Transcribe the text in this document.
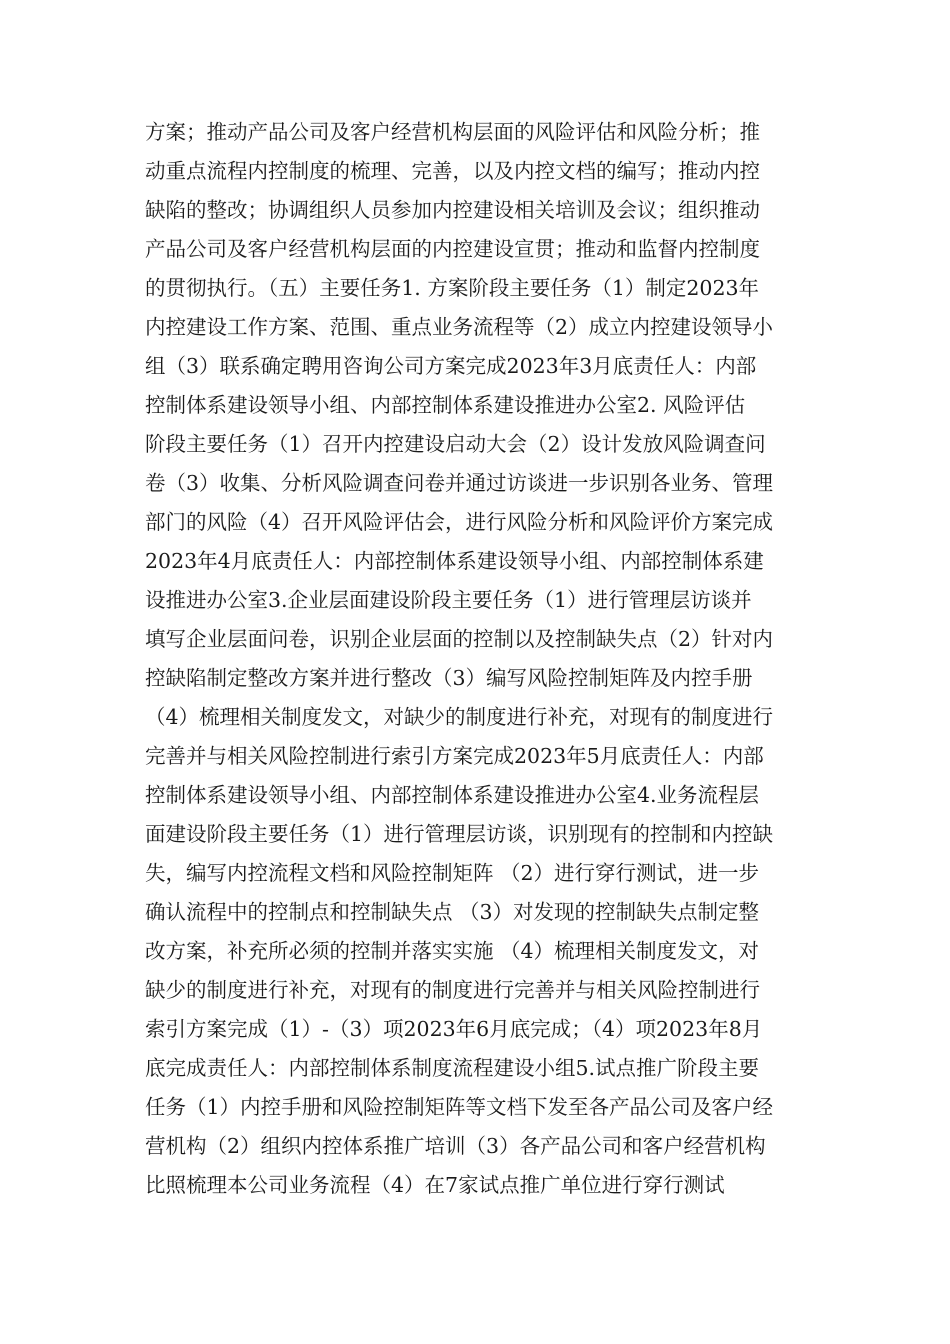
方案；推动产品公司及客户经营机构层面的风险评估和风险分析；推
动重点流程内控制度的梳理、完善，以及内控文档的编写；推动内控
缺陷的整改；协调组织人员参加内控建设相关培训及会议；组织推动
产品公司及客户经营机构层面的内控建设宣贯；推动和监督内控制度
的贯彻执行。（五）主要任务1. 方案阶段主要任务（1）制定2023年
内控建设工作方案、范围、重点业务流程等（2）成立内控建设领导小
组（3）联系确定聘用咨询公司方案完成2023年3月底责任人：内部
控制体系建设领导小组、内部控制体系建设推进办公室2. 风险评估
阶段主要任务（1）召开内控建设启动大会（2）设计发放风险调查问
卷（3）收集、分析风险调查问卷并通过访谈进一步识别各业务、管理
部门的风险（4）召开风险评估会，进行风险分析和风险评价方案完成
2023年4月底责任人：内部控制体系建设领导小组、内部控制体系建
设推进办公室3.企业层面建设阶段主要任务（1）进行管理层访谈并
填写企业层面问卷，识别企业层面的控制以及控制缺失点（2）针对内
控缺陷制定整改方案并进行整改（3）编写风险控制矩阵及内控手册
（4）梳理相关制度发文，对缺少的制度进行补充，对现有的制度进行
完善并与相关风险控制进行索引方案完成2023年5月底责任人：内部
控制体系建设领导小组、内部控制体系建设推进办公室4.业务流程层
面建设阶段主要任务（1）进行管理层访谈，识别现有的控制和内控缺
失，编写内控流程文档和风险控制矩阵 （2）进行穿行测试，进一步
确认流程中的控制点和控制缺失点 （3）对发现的控制缺失点制定整
改方案，补充所必须的控制并落实实施 （4）梳理相关制度发文，对
缺少的制度进行补充，对现有的制度进行完善并与相关风险控制进行
索引方案完成（1）-（3）项2023年6月底完成；（4）项2023年8月
底完成责任人：内部控制体系制度流程建设小组5.试点推广阶段主要
任务（1）内控手册和风险控制矩阵等文档下发至各产品公司及客户经
营机构（2）组织内控体系推广培训（3）各产品公司和客户经营机构
比照梳理本公司业务流程（4）在7家试点推广单位进行穿行测试
